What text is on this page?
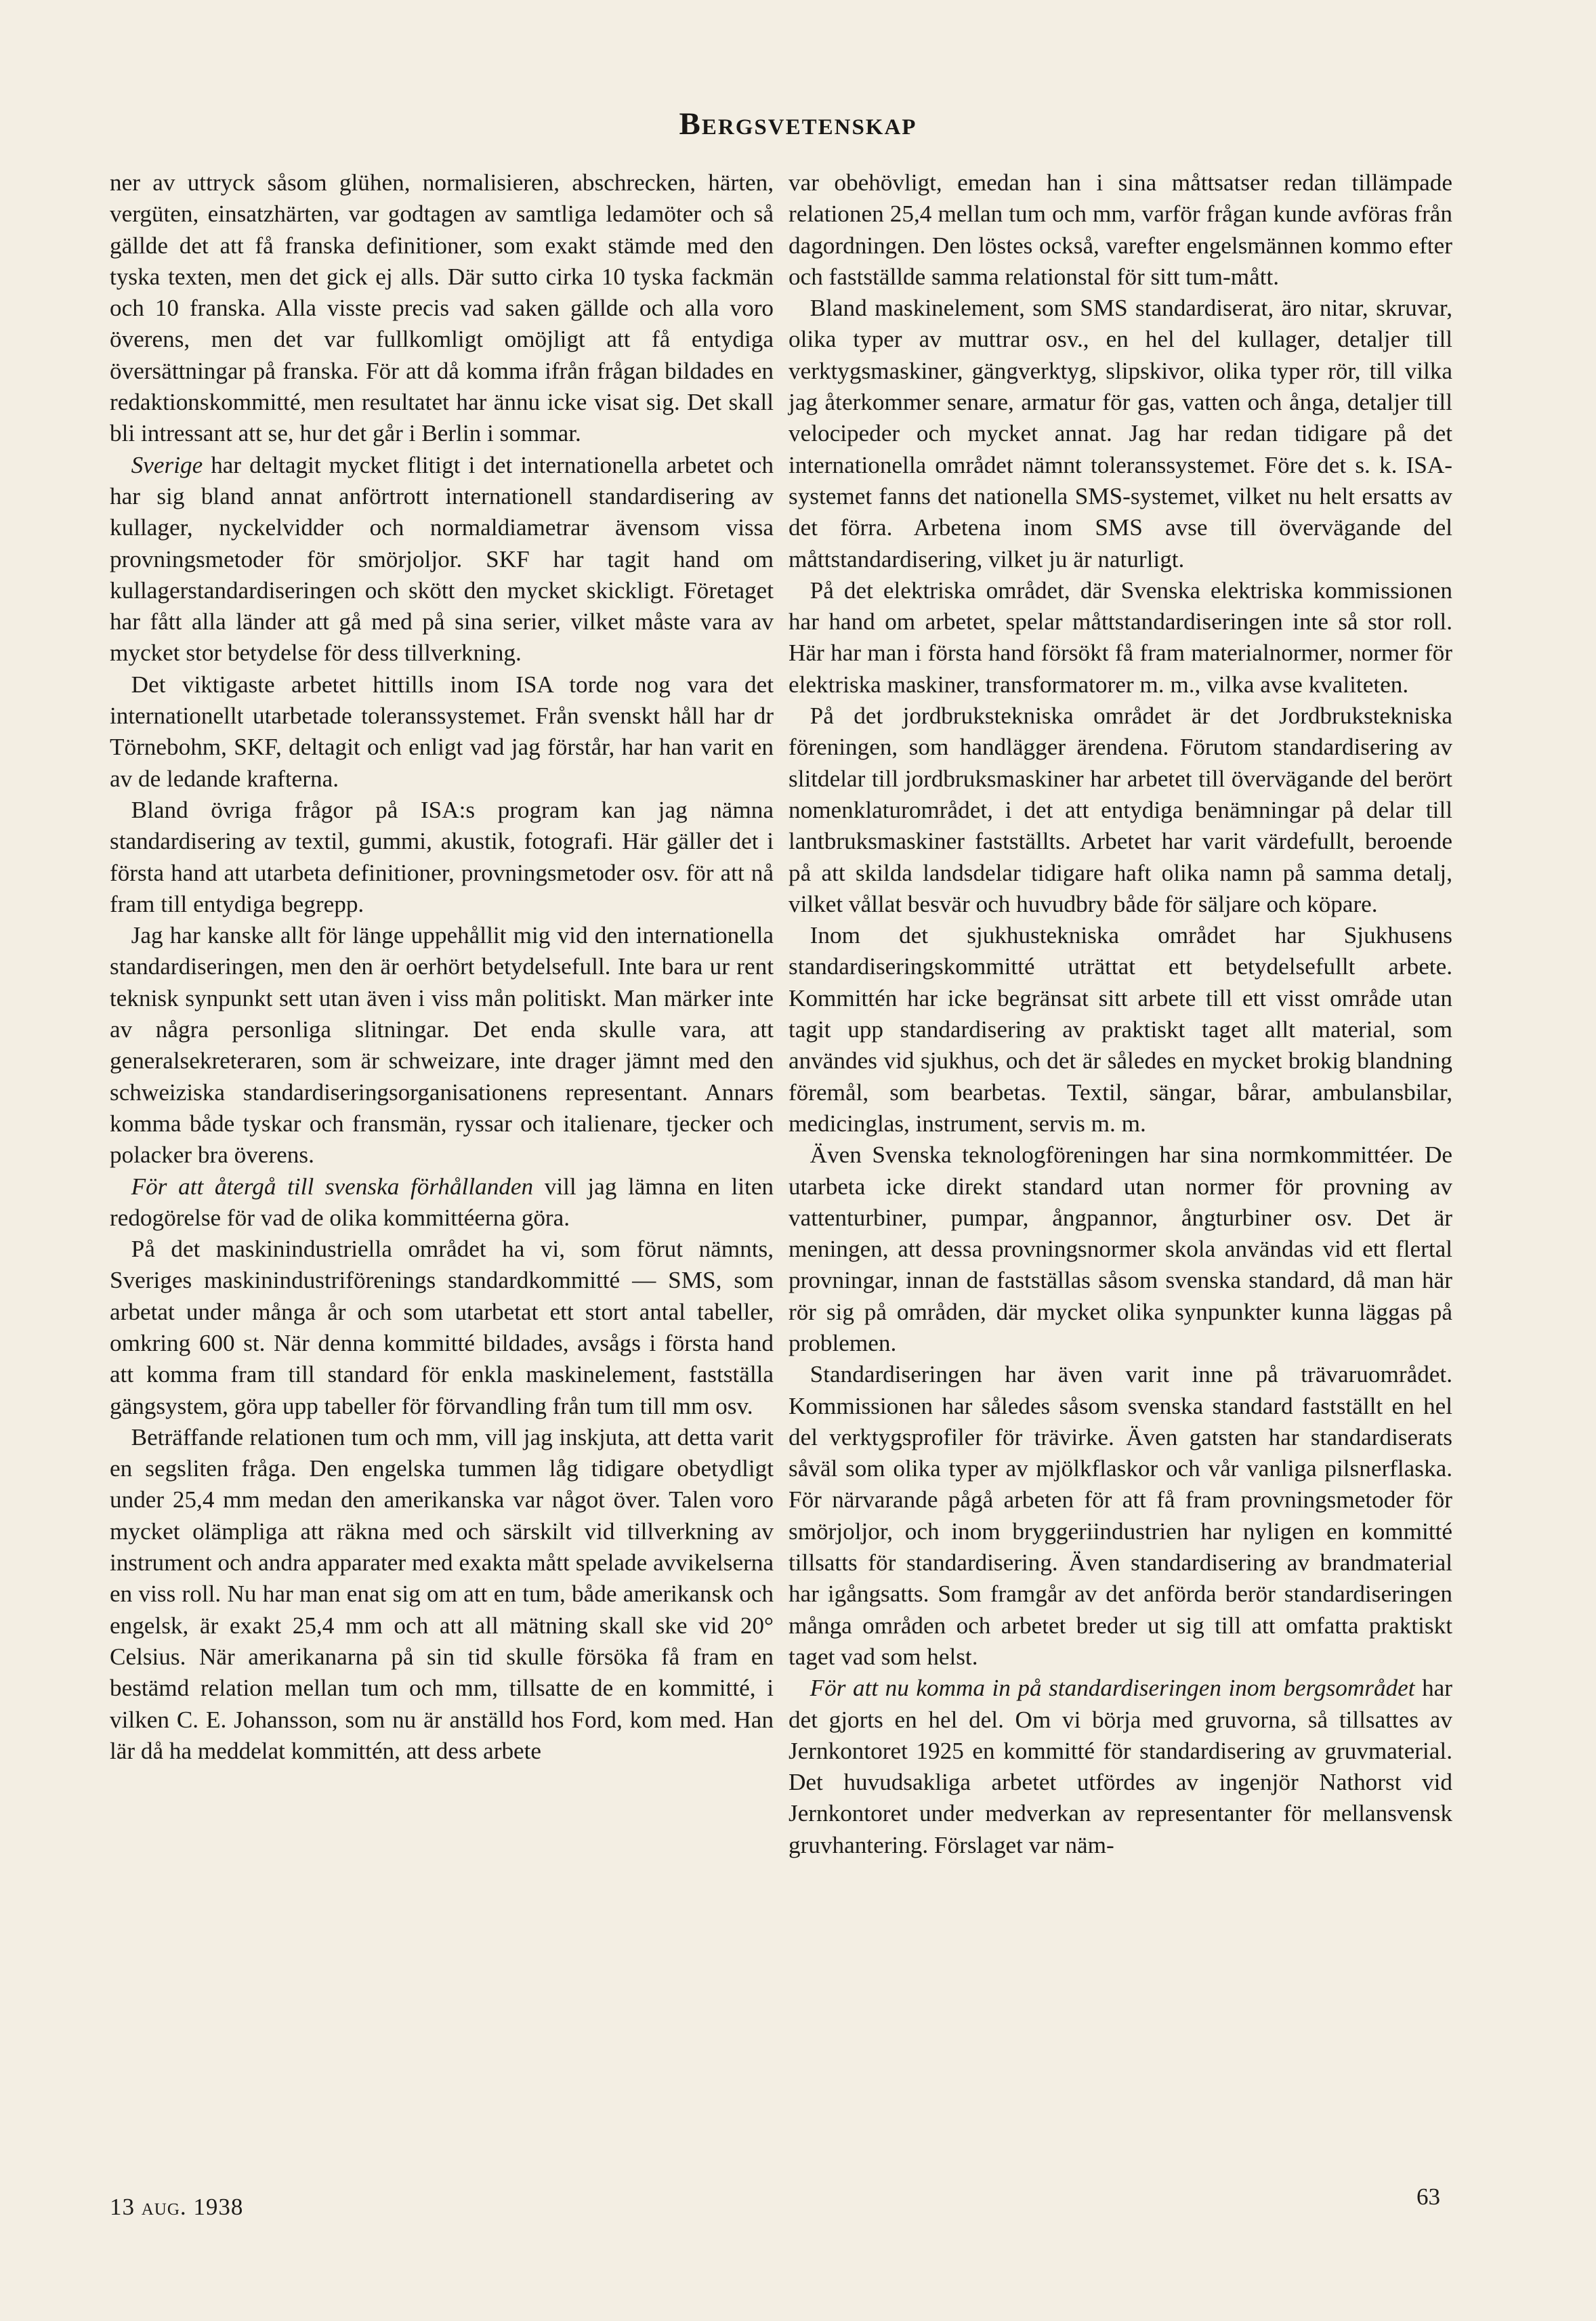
Bergsvetenskap

ner av uttryck såsom glühen, normalisieren, abschrecken, härten, vergüten, einsatzhärten, var godtagen av samtliga ledamöter och så gällde det att få franska definitioner, som exakt stämde med den tyska texten, men det gick ej alls. Där sutto cirka 10 tyska fackmän och 10 franska. Alla visste precis vad saken gällde och alla voro överens, men det var fullkomligt omöjligt att få entydiga översättningar på franska. För att då komma ifrån frågan bildades en redaktionskommitté, men resultatet har ännu icke visat sig. Det skall bli intressant att se, hur det går i Berlin i sommar.

Sverige har deltagit mycket flitigt i det internationella arbetet och har sig bland annat anförtrott internationell standardisering av kullager, nyckelvidder och normaldiametrar ävensom vissa provningsmetoder för smörjoljor. SKF har tagit hand om kullagerstandardiseringen och skött den mycket skickligt. Företaget har fått alla länder att gå med på sina serier, vilket måste vara av mycket stor betydelse för dess tillverkning.

Det viktigaste arbetet hittills inom ISA torde nog vara det internationellt utarbetade toleranssystemet. Från svenskt håll har dr Törnebohm, SKF, deltagit och enligt vad jag förstår, har han varit en av de ledande krafterna.

Bland övriga frågor på ISA:s program kan jag nämna standardisering av textil, gummi, akustik, fotografi. Här gäller det i första hand att utarbeta definitioner, provningsmetoder osv. för att nå fram till entydiga begrepp.

Jag har kanske allt för länge uppehållit mig vid den internationella standardiseringen, men den är oerhört betydelsefull. Inte bara ur rent teknisk synpunkt sett utan även i viss mån politiskt. Man märker inte av några personliga slitningar. Det enda skulle vara, att generalsekreteraren, som är schweizare, inte drager jämnt med den schweiziska standardiseringsorganisationens representant. Annars komma både tyskar och fransmän, ryssar och italienare, tjecker och polacker bra överens.

För att återgå till svenska förhållanden vill jag lämna en liten redogörelse för vad de olika kommittéerna göra.

På det maskinindustriella området ha vi, som förut nämnts, Sveriges maskinindustriförenings standardkommitté — SMS, som arbetat under många år och som utarbetat ett stort antal tabeller, omkring 600 st. När denna kommitté bildades, avsågs i första hand att komma fram till standard för enkla maskinelement, fastställa gängsystem, göra upp tabeller för förvandling från tum till mm osv.

Beträffande relationen tum och mm, vill jag inskjuta, att detta varit en segsliten fråga. Den engelska tummen låg tidigare obetydligt under 25,4 mm medan den amerikanska var något över. Talen voro mycket olämpliga att räkna med och särskilt vid tillverkning av instrument och andra apparater med exakta mått spelade avvikelserna en viss roll. Nu har man enat sig om att en tum, både amerikansk och engelsk, är exakt 25,4 mm och att all mätning skall ske vid 20° Celsius. När amerikanarna på sin tid skulle försöka få fram en bestämd relation mellan tum och mm, tillsatte de en kommitté, i vilken C. E. Johansson, som nu är anställd hos Ford, kom med. Han lär då ha meddelat kommittén, att dess arbete

var obehövligt, emedan han i sina måttsatser redan tillämpade relationen 25,4 mellan tum och mm, varför frågan kunde avföras från dagordningen. Den löstes också, varefter engelsmännen kommo efter och fastställde samma relationstal för sitt tum-mått.

Bland maskinelement, som SMS standardiserat, äro nitar, skruvar, olika typer av muttrar osv., en hel del kullager, detaljer till verktygsmaskiner, gängverktyg, slipskivor, olika typer rör, till vilka jag återkommer senare, armatur för gas, vatten och ånga, detaljer till velocipeder och mycket annat. Jag har redan tidigare på det internationella området nämnt toleranssystemet. Före det s. k. ISA-systemet fanns det nationella SMS-systemet, vilket nu helt ersatts av det förra. Arbetena inom SMS avse till övervägande del måttstandardisering, vilket ju är naturligt.

På det elektriska området, där Svenska elektriska kommissionen har hand om arbetet, spelar måttstandardiseringen inte så stor roll. Här har man i första hand försökt få fram materialnormer, normer för elektriska maskiner, transformatorer m. m., vilka avse kvaliteten.

På det jordbrukstekniska området är det Jordbrukstekniska föreningen, som handlägger ärendena. Förutom standardisering av slitdelar till jordbruksmaskiner har arbetet till övervägande del berört nomenklaturområdet, i det att entydiga benämningar på delar till lantbruksmaskiner fastställts. Arbetet har varit värdefullt, beroende på att skilda landsdelar tidigare haft olika namn på samma detalj, vilket vållat besvär och huvudbry både för säljare och köpare.

Inom det sjukhustekniska området har Sjukhusens standardiseringskommitté uträttat ett betydelsefullt arbete. Kommittén har icke begränsat sitt arbete till ett visst område utan tagit upp standardisering av praktiskt taget allt material, som användes vid sjukhus, och det är således en mycket brokig blandning föremål, som bearbetas. Textil, sängar, bårar, ambulansbilar, medicinglas, instrument, servis m. m.

Även Svenska teknologföreningen har sina normkommittéer. De utarbeta icke direkt standard utan normer för provning av vattenturbiner, pumpar, ångpannor, ångturbiner osv. Det är meningen, att dessa provningsnormer skola användas vid ett flertal provningar, innan de fastställas såsom svenska standard, då man här rör sig på områden, där mycket olika synpunkter kunna läggas på problemen.

Standardiseringen har även varit inne på trävaruområdet. Kommissionen har således såsom svenska standard fastställt en hel del verktygsprofiler för trävirke. Även gatsten har standardiserats såväl som olika typer av mjölkflaskor och vår vanliga pilsnerflaska. För närvarande pågå arbeten för att få fram provningsmetoder för smörjoljor, och inom bryggeriindustrien har nyligen en kommitté tillsatts för standardisering. Även standardisering av brandmaterial har igångsatts. Som framgår av det anförda berör standardiseringen många områden och arbetet breder ut sig till att omfatta praktiskt taget vad som helst.

För att nu komma in på standardiseringen inom bergsområdet har det gjorts en hel del. Om vi börja med gruvorna, så tillsattes av Jernkontoret 1925 en kommitté för standardisering av gruvmaterial. Det huvudsakliga arbetet utfördes av ingenjör Nathorst vid Jernkontoret under medverkan av representanter för mellansvensk gruvhantering. Förslaget var näm-

13 aug. 1938	63
